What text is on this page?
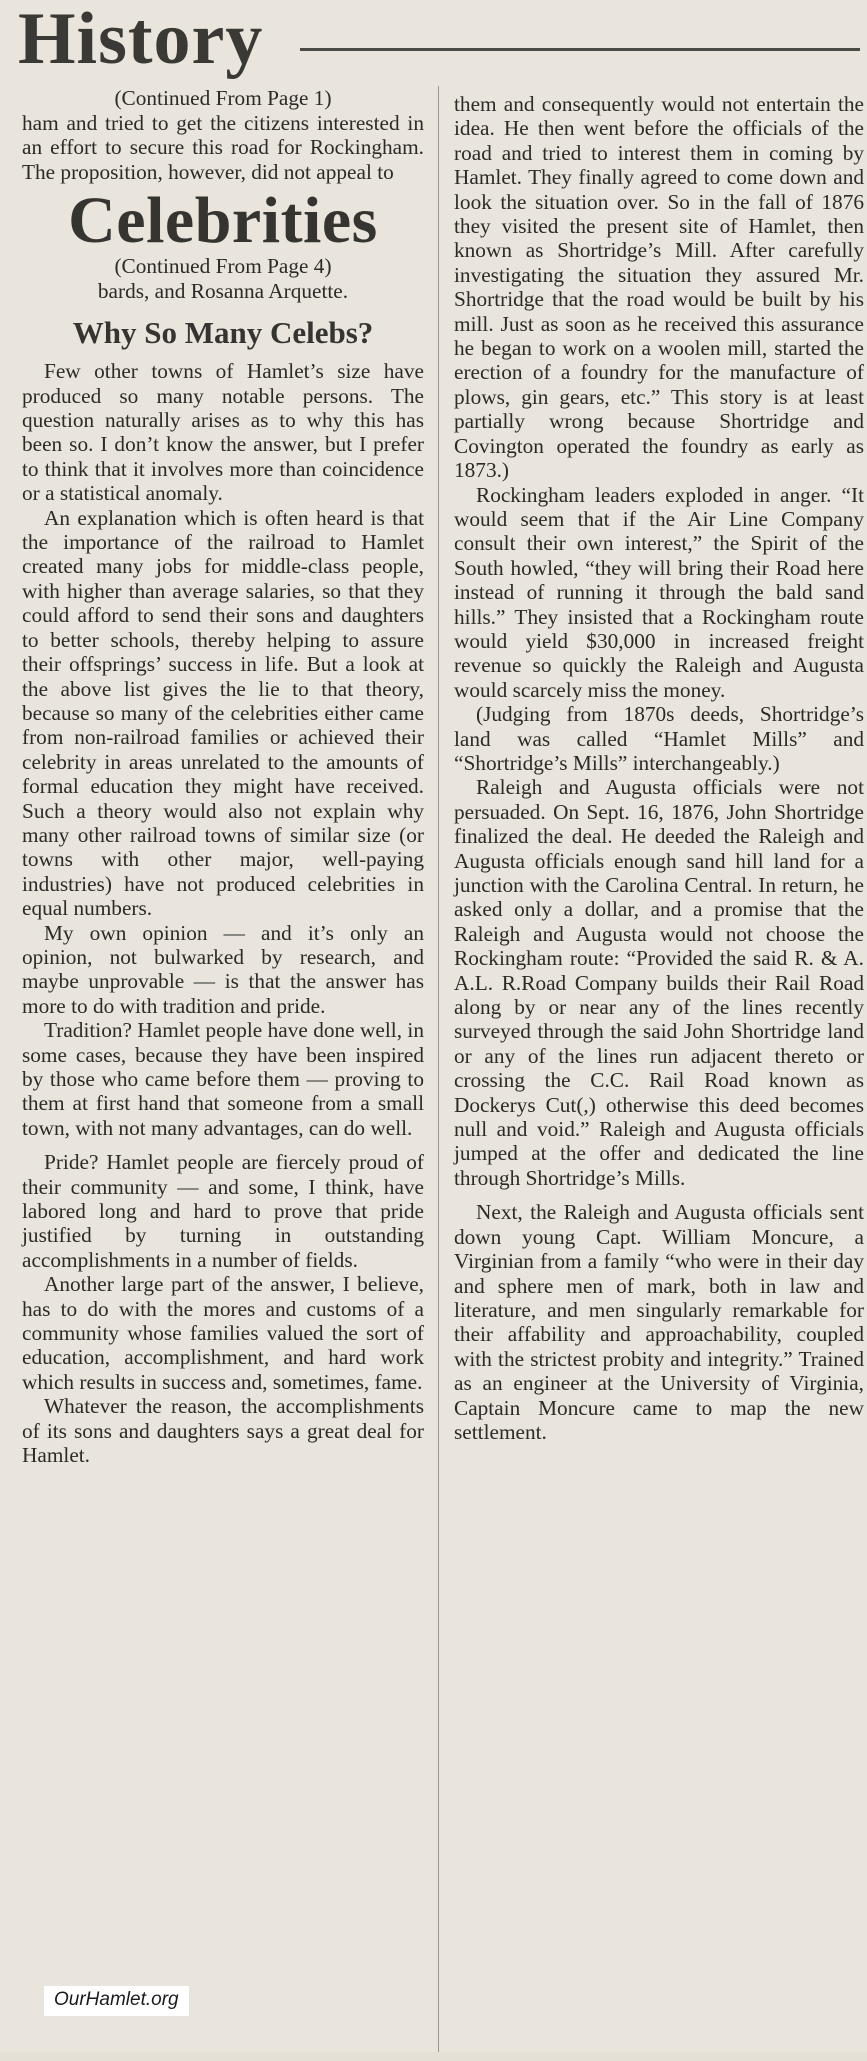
History

(Continued From Page 1)

ham and tried to get the citizens interested in an effort to secure this road for Rockingham. The proposition, however, did not appeal to

Celebrities

(Continued From Page 4)

bards, and Rosanna Arquette.

Why So Many Celebs?

Few other towns of Hamlet’s size have produced so many notable persons. The question naturally arises as to why this has been so. I don’t know the answer, but I prefer to think that it involves more than coincidence or a statistical anomaly.

An explanation which is often heard is that the importance of the railroad to Hamlet created many jobs for middle-class people, with higher than average salaries, so that they could afford to send their sons and daughters to better schools, thereby helping to assure their offsprings’ success in life. But a look at the above list gives the lie to that theory, because so many of the celebrities either came from non-railroad families or achieved their celebrity in areas unrelated to the amounts of formal education they might have received. Such a theory would also not explain why many other railroad towns of similar size (or towns with other major, well-paying industries) have not produced celebrities in equal numbers.

My own opinion — and it’s only an opinion, not bulwarked by research, and maybe unprovable — is that the answer has more to do with tradition and pride.

Tradition? Hamlet people have done well, in some cases, because they have been inspired by those who came before them — proving to them at first hand that someone from a small town, with not many advantages, can do well.

Pride? Hamlet people are fiercely proud of their community — and some, I think, have labored long and hard to prove that pride justified by turning in outstanding accomplishments in a number of fields.

Another large part of the answer, I believe, has to do with the mores and customs of a community whose families valued the sort of education, accomplishment, and hard work which results in success and, sometimes, fame.

Whatever the reason, the accomplishments of its sons and daughters says a great deal for Hamlet.

them and consequently would not entertain the idea. He then went before the officials of the road and tried to interest them in coming by Hamlet. They finally agreed to come down and look the situation over. So in the fall of 1876 they visited the present site of Hamlet, then known as Shortridge’s Mill. After carefully investigating the situation they assured Mr. Shortridge that the road would be built by his mill. Just as soon as he received this assurance he began to work on a woolen mill, started the erection of a foundry for the manufacture of plows, gin gears, etc.” This story is at least partially wrong because Shortridge and Covington operated the foundry as early as 1873.)

Rockingham leaders exploded in anger. “It would seem that if the Air Line Company consult their own interest,” the Spirit of the South howled, “they will bring their Road here instead of running it through the bald sand hills.” They insisted that a Rockingham route would yield $30,000 in increased freight revenue so quickly the Raleigh and Augusta would scarcely miss the money.

(Judging from 1870s deeds, Shortridge’s land was called “Hamlet Mills” and “Shortridge’s Mills” interchangeably.)

Raleigh and Augusta officials were not persuaded. On Sept. 16, 1876, John Shortridge finalized the deal. He deeded the Raleigh and Augusta officials enough sand hill land for a junction with the Carolina Central. In return, he asked only a dollar, and a promise that the Raleigh and Augusta would not choose the Rockingham route: “Provided the said R. & A. A.L. R.Road Company builds their Rail Road along by or near any of the lines recently surveyed through the said John Shortridge land or any of the lines run adjacent thereto or crossing the C.C. Rail Road known as Dockerys Cut(,) otherwise this deed becomes null and void.” Raleigh and Augusta officials jumped at the offer and dedicated the line through Shortridge’s Mills.

Next, the Raleigh and Augusta officials sent down young Capt. William Moncure, a Virginian from a family “who were in their day and sphere men of mark, both in law and literature, and men singularly remarkable for their affability and approachability, coupled with the strictest probity and integrity.” Trained as an engineer at the University of Virginia, Captain Moncure came to map the new settlement.

OurHamlet.org
